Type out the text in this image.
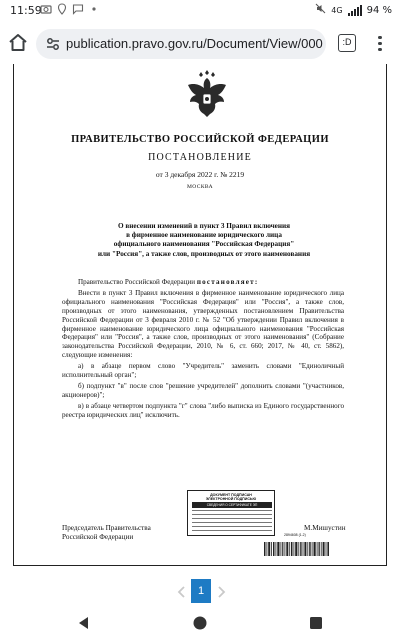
11:59	4G 94 %
publication.pravo.gov.ru/Document/View/000	:D
ПРАВИТЕЛЬСТВО РОССИЙСКОЙ ФЕДЕРАЦИИ
ПОСТАНОВЛЕНИЕ
от 3 декабря 2022 г. № 2219
МОСКВА
О внесении изменений в пункт 3 Правил включения
в фирменное наименование юридического лица
официального наименования "Российская Федерация"
или "Россия", а также слов, производных от этого наименования

Правительство Российской Федерации постановляет:

Внести в пункт 3 Правил включения в фирменное наименование юридического лица официального наименования "Российская Федерация" или "Россия", а также слов, производных от этого наименования, утвержденных постановлением Правительства Российской Федерации от 3 февраля 2010 г. № 52 "Об утверждении Правил включения в фирменное наименование юридического лица официального наименования "Российская Федерация" или "Россия", а также слов, производных от этого наименования" (Собрание законодательства Российской Федерации, 2010, № 6, ст. 660; 2017, № 40, ст. 5862), следующие изменения:

а) в абзаце первом слово "Учредитель" заменить словами "Единоличный исполнительный орган";

б) подпункт "в" после слов "решение учредителей" дополнить словами "(участников, акционеров)";

в) в абзаце четвертом подпункта "г" слова "либо выписка из Единого государственного реестра юридических лиц" исключить.

Председатель Правительства
Российской Федерации
ДОКУМЕНТ ПОДПИСАН
ЭЛЕКТРОННОЙ ПОДПИСЬЮ
СВЕДЕНИЯ О СЕРТИФИКАТЕ ЭП
М.Мишустин
2894608 (1.2)
1
